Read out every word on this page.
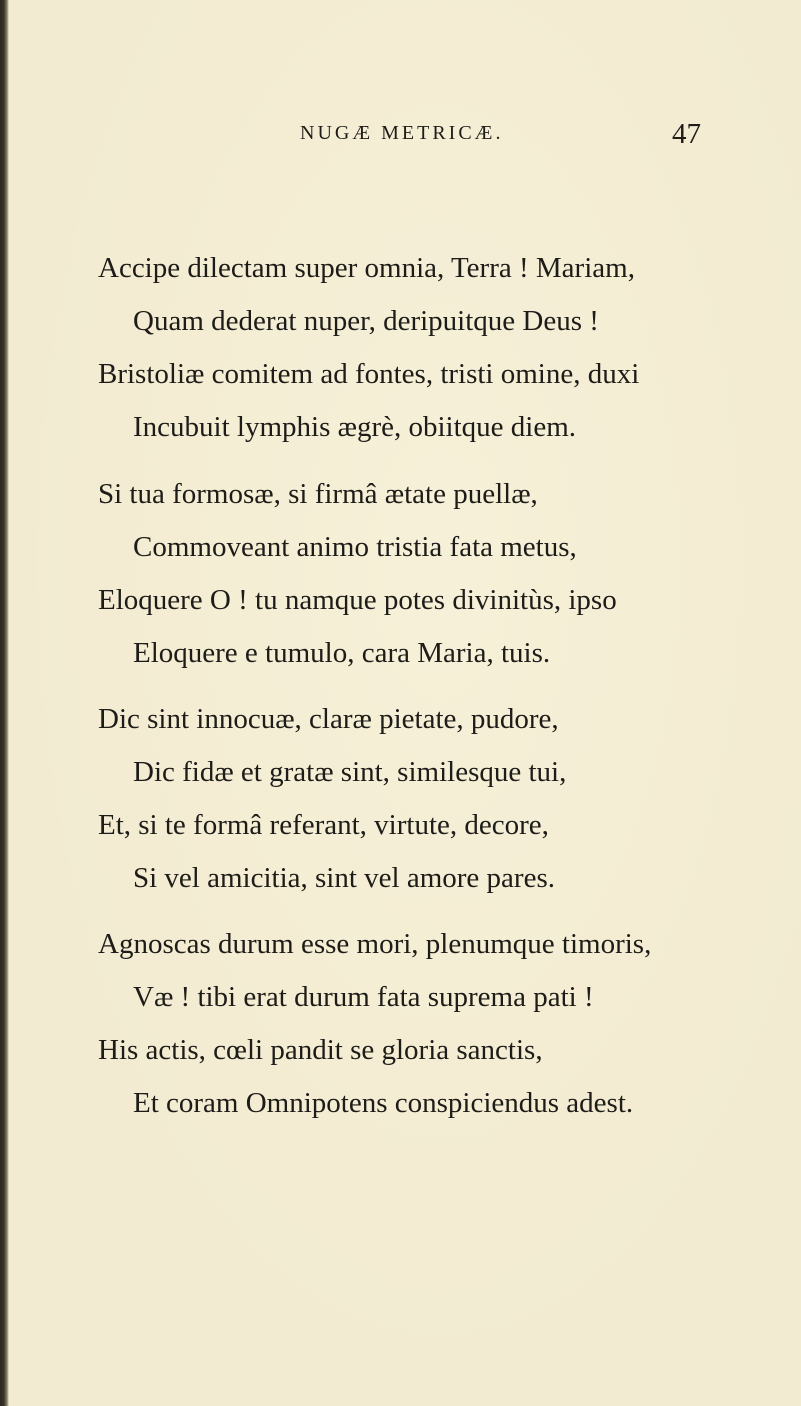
NUGÆ METRICÆ.	47
Accipe dilectam super omnia, Terra ! Mariam,
Quam dederat nuper, deripuitque Deus !
Bristoliæ comitem ad fontes, tristi omine, duxi
Incubuit lymphis ægrè, obiitque diem.
Si tua formosæ, si firmâ ætate puellæ,
Commoveant animo tristia fata metus,
Eloquere O ! tu namque potes divinitùs, ipso
Eloquere e tumulo, cara Maria, tuis.
Dic sint innocuæ, claræ pietate, pudore,
Dic fidæ et gratæ sint, similesque tui,
Et, si te formâ referant, virtute, decore,
Si vel amicitia, sint vel amore pares.
Agnoscas durum esse mori, plenumque timoris,
Væ ! tibi erat durum fata suprema pati !
His actis, cœli pandit se gloria sanctis,
Et coram Omnipotens conspiciendus adest.
